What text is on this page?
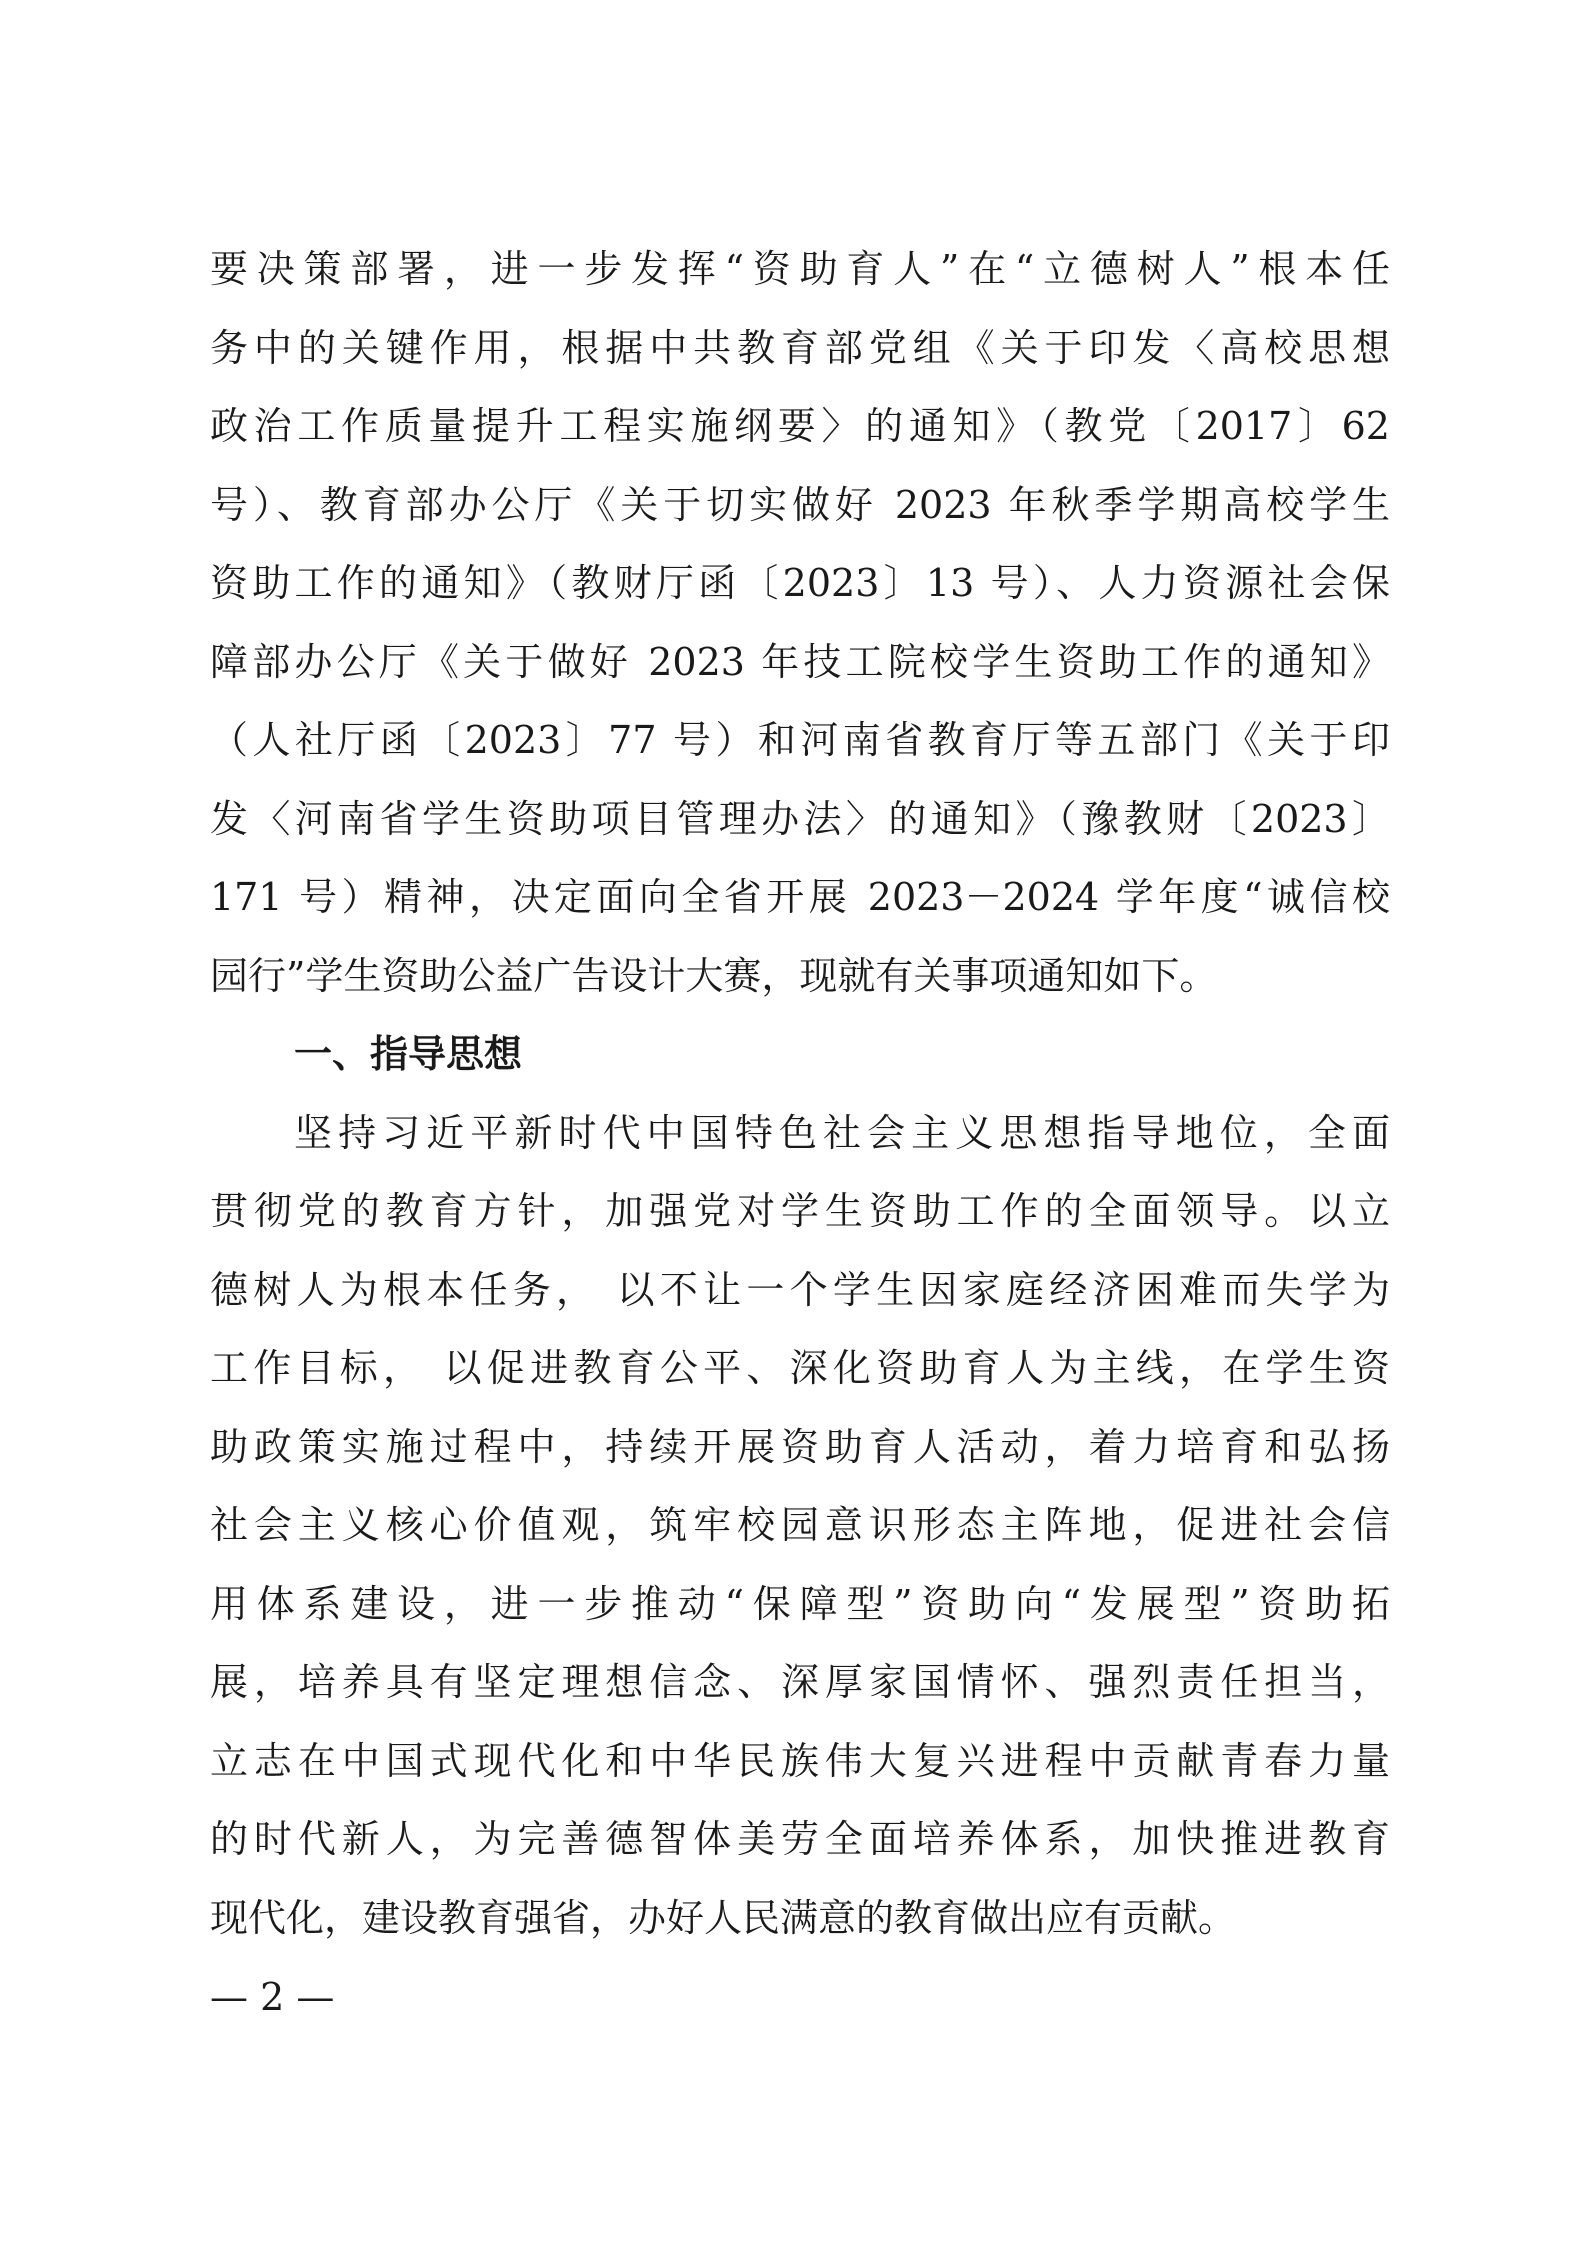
要决策部署，进一步发挥“资助育人”在“立德树人”根本任
务中的关键作用，根据中共教育部党组《关于印发〈高校思想
政治工作质量提升工程实施纲要〉的通知》（教党〔2017〕62
号）、教育部办公厅《关于切实做好 2023 年秋季学期高校学生
资助工作的通知》（教财厅函〔2023〕13 号）、人力资源社会保
障部办公厅《关于做好 2023 年技工院校学生资助工作的通知》
（人社厅函〔2023〕77 号）和河南省教育厅等五部门《关于印
发〈河南省学生资助项目管理办法〉的通知》（豫教财〔2023〕
171 号）精神，决定面向全省开展 2023－2024 学年度“诚信校
园行”学生资助公益广告设计大赛，现就有关事项通知如下。
一、指导思想
坚持习近平新时代中国特色社会主义思想指导地位，全面
贯彻党的教育方针，加强党对学生资助工作的全面领导。以立
德树人为根本任务， 以不让一个学生因家庭经济困难而失学为
工作目标， 以促进教育公平、深化资助育人为主线，在学生资
助政策实施过程中，持续开展资助育人活动，着力培育和弘扬
社会主义核心价值观，筑牢校园意识形态主阵地，促进社会信
用体系建设，进一步推动“保障型”资助向“发展型”资助拓
展，培养具有坚定理想信念、深厚家国情怀、强烈责任担当，
立志在中国式现代化和中华民族伟大复兴进程中贡献青春力量
的时代新人，为完善德智体美劳全面培养体系，加快推进教育
现代化，建设教育强省，办好人民满意的教育做出应有贡献。
— 2 —
